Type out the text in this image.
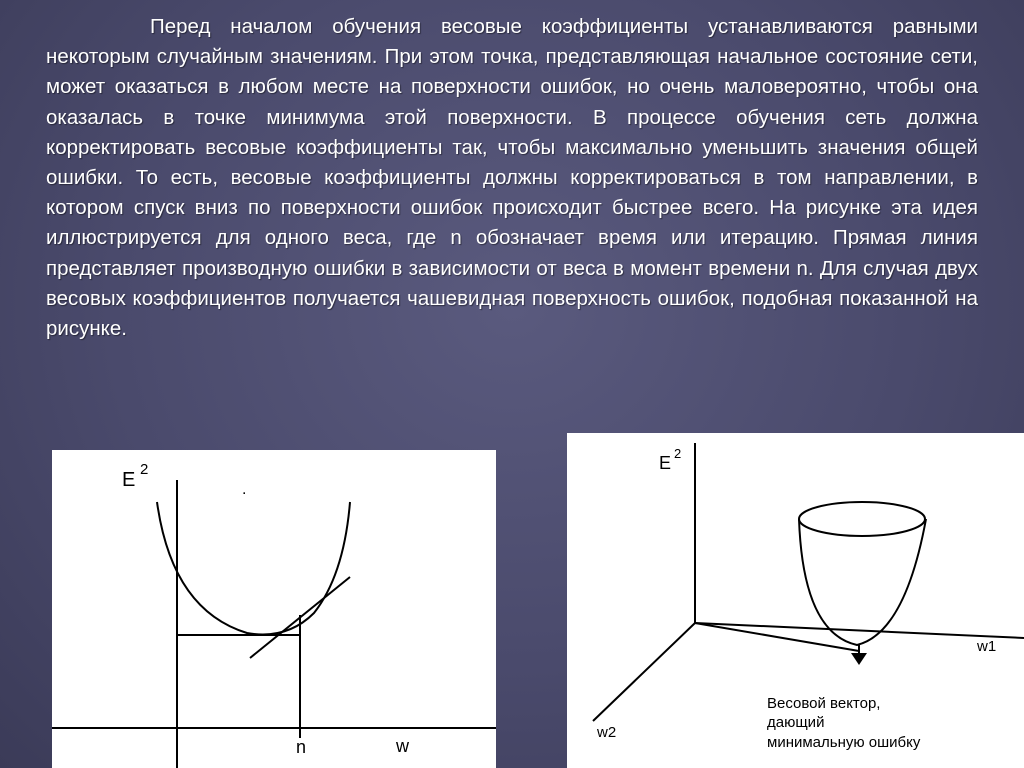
Перед началом обучения весовые коэффициенты устанавливаются равными некоторым случайным значениям. При этом точка, представляющая начальное состояние сети, может оказаться в любом месте на поверхности ошибок, но очень маловероятно, чтобы она оказалась в точке минимума этой поверхности. В процессе обучения сеть должна корректировать весовые коэффициенты так, чтобы максимально уменьшить значения общей ошибки. То есть, весовые коэффициенты должны корректироваться в том направлении, в котором спуск вниз по поверхности ошибок происходит быстрее всего. На рисунке эта идея иллюстрируется для одного веса, где n обозначает время или итерацию. Прямая линия представляет производную ошибки в зависимости от веса в момент времени n. Для случая двух весовых коэффициентов получается чашевидная поверхность ошибок, подобная показанной на рисунке.

E 2
.
n	w
E 2
w1
w2
Весовой вектор,
дающий
минимальную ошибку
